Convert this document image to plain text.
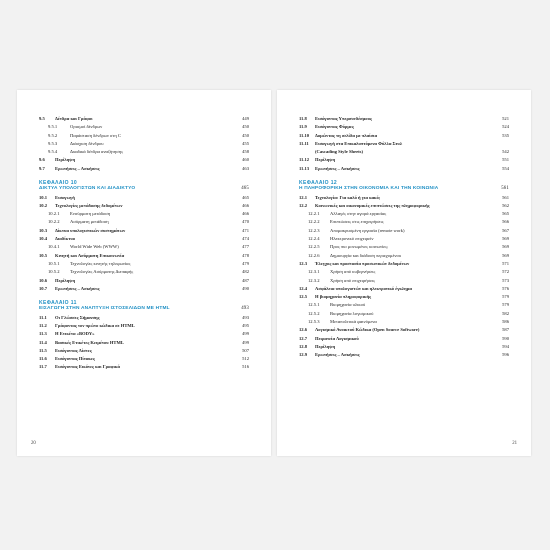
9.5	Δένδρα και Γράφοι	449
9.5.1	Ορισμοί δένδρων	450
9.5.2	Παράσταση δένδρων στη C	450
9.5.3	Διάσχιση δένδρου	455
9.5.4	Δυαδικά δένδρα αναζήτησης	458
9.6	Περίληψη	460
9.7	Ερωτήσεις – Ασκήσεις	463
ΚΕΦΑΛΑΙΟ 10
ΔΙΚΤΥΑ ΥΠΟΛΟΓΙΣΤΩΝ ΚΑΙ ΔΙΑΔΙΚΤΥΟ	465
10.1	Εισαγωγή	465
10.2	Τεχνολογίες μετάδοσης δεδομένων	466
10.2.1	Ενσύρματη μετάδοση	466
10.2.2	Ασύρματη μετάδοση	470
10.3	Δίκτυα υπολογιστικών συστημάτων	471
10.4	Διαδίκτυο	474
10.4.1	World Wide Web (WWW)	477
10.5	Κινητή και Ασύρματη Επικοινωνία	478
10.5.1	Τεχνολογίες κινητής τηλεφωνίας	479
10.5.2	Τεχνολογίες Ασύρματης Διεπαφής	482
10.6	Περίληψη	487
10.7	Ερωτήσεις – Ασκήσεις	490
ΚΕΦΑΛΑΙΟ 11
ΕΙΣΑΓΩΓΗ ΣΤΗΝ ΑΝΑΠΤΥΞΗ ΙΣΤΟΣΕΛΙΔΩΝ ΜΕ HTML	493
11.1	Οι Γλώσσες Σήμανσης	493
11.2	Γράφοντας τον πρώτο κώδικα σε HTML	495
11.3	Η Ετικέτα «BODY»	499
11.4	Βασικές Ετικέτες Κειμένου HTML	499
11.5	Εισάγοντας Λίστες	507
11.6	Εισάγοντας Πίνακες	512
11.7	Εισάγοντας Εικόνες και Γραφικά	516
20
11.8	Εισάγοντας Υπερσυνδέσμους	521
11.9	Εισάγοντας Φόρμες	524
11.10	Δομώντας τη σελίδα με πλαίσια	535
11.11	Εισαγωγή στα Επικαλυπτόμενα Φύλλα Στυλ
(Cascading Style Sheets)	542
11.12	Περίληψη	551
11.13	Ερωτήσεις – Ασκήσεις	554
ΚΕΦΑΛΑΙΟ 12
Η ΠΛΗΡΟΦΟΡΙΚΗ ΣΤΗΝ ΟΙΚΟΝΟΜΙΑ ΚΑΙ ΤΗΝ ΚΟΙΝΩΝΙΑ	561
12.1	Τεχνολογία: Για καλό ή για κακό;	561
12.2	Κοινωνικές και οικονομικές επιπτώσεις της πληροφορικής	562
12.2.1	Αλλαγές στην αγορά εργασίας	565
12.2.2	Επιπτώσεις στις επιχειρήσεις	566
12.2.3	Απομακρυσμένη εργασία (remote work)	567
12.2.4	Ηλεκτρονικό επιχειρείν	569
12.2.5	Προς πιο μονωμένες κοινωνίες;	569
12.2.6	Δημιουργία και διάδοση περιεχομένου	569
12.3	Έλεγχος και προστασία προσωπικών δεδομένων	571
12.3.1	Χρήση από κυβερνήσεις	572
12.3.2	Χρήση από επιχειρήσεις	573
12.4	Ασφάλεια υπολογιστών και ηλεκτρονικό έγκλημα	576
12.5	Η βιομηχανία πληροφορικής	579
12.5.1	Βιομηχανία υλικού	579
12.5.2	Βιομηχανία λογισμικού	582
12.5.3	Μεταπολιτικά φαινόμενα	586
12.6	Λογισμικό Ανοικτού Κώδικα (Open Source Software)	587
12.7	Πειρατεία Λογισμικού	590
12.8	Περίληψη	594
12.9	Ερωτήσεις – Ασκήσεις	596
21
